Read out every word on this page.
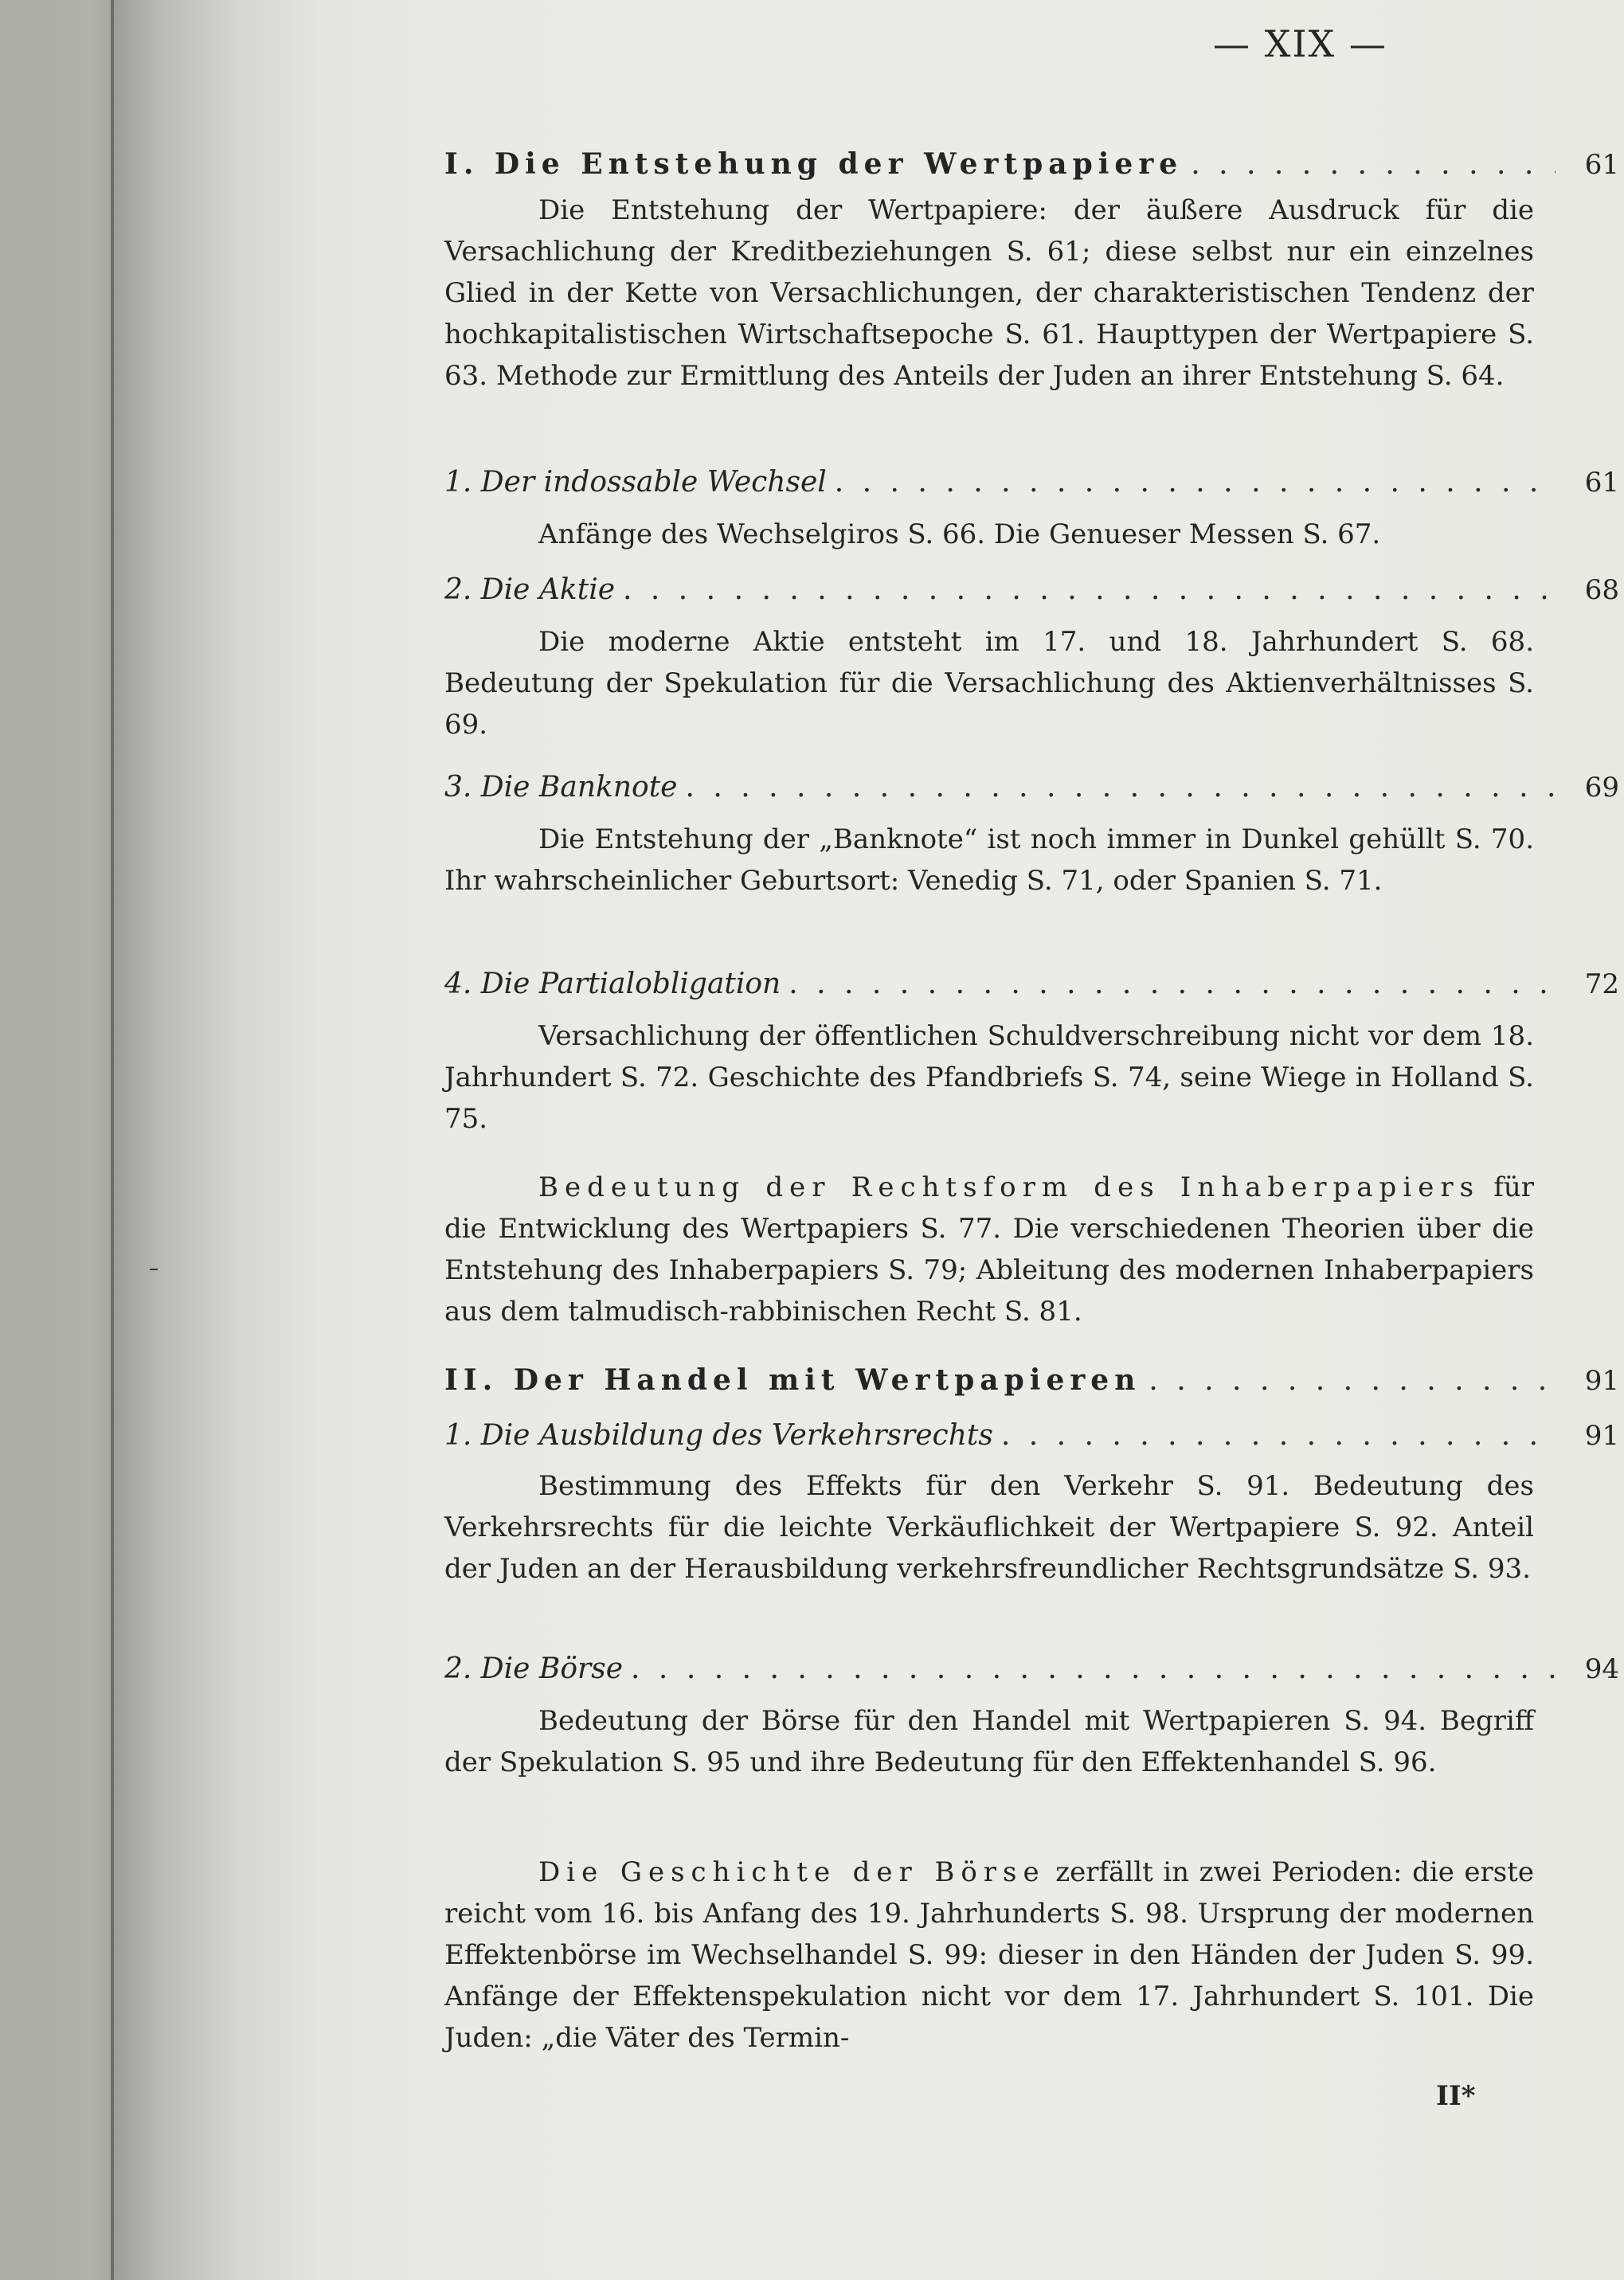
— XIX —
I. Die Entstehung der Wertpapiere . . .	61
Die Entstehung der Wertpapiere: der äußere Ausdruck für die Versachlichung der Kreditbeziehungen S. 61; diese selbst nur ein einzelnes Glied in der Kette von Versachlichungen, der charakteristischen Tendenz der hochkapitalistischen Wirtschaftsepoche S. 61. Haupttypen der Wertpapiere S. 63. Methode zur Ermittlung des Anteils der Juden an ihrer Entstehung S. 64.
1. Der indossable Wechsel . . .	61
Anfänge des Wechselgiros S. 66. Die Genueser Messen S. 67.
2. Die Aktie . . .	68
Die moderne Aktie entsteht im 17. und 18. Jahrhundert S. 68. Bedeutung der Spekulation für die Versachlichung des Aktienverhältnisses S. 69.
3. Die Banknote . . .	69
Die Entstehung der „Banknote“ ist noch immer in Dunkel gehüllt S. 70. Ihr wahrscheinlicher Geburtsort: Venedig S. 71, oder Spanien S. 71.
4. Die Partialobligation . . .	72
Versachlichung der öffentlichen Schuldverschreibung nicht vor dem 18. Jahrhundert S. 72. Geschichte des Pfandbriefs S. 74, seine Wiege in Holland S. 75.
Bedeutung der Rechtsform des Inhaberpapiers für die Entwicklung des Wertpapiers S. 77. Die verschiedenen Theorien über die Entstehung des Inhaberpapiers S. 79; Ableitung des modernen Inhaberpapiers aus dem talmudisch-rabbinischen Recht S. 81.
II. Der Handel mit Wertpapieren . . .	91
1. Die Ausbildung des Verkehrsrechts . . .	91
Bestimmung des Effekts für den Verkehr S. 91. Bedeutung des Verkehrsrechts für die leichte Verkäuflichkeit der Wertpapiere S. 92. Anteil der Juden an der Herausbildung verkehrsfreundlicher Rechtsgrundsätze S. 93.
2. Die Börse . . .	94
Bedeutung der Börse für den Handel mit Wertpapieren S. 94. Begriff der Spekulation S. 95 und ihre Bedeutung für den Effektenhandel S. 96.
Die Geschichte der Börse zerfällt in zwei Perioden: die erste reicht vom 16. bis Anfang des 19. Jahrhunderts S. 98. Ursprung der modernen Effektenbörse im Wechselhandel S. 99: dieser in den Händen der Juden S. 99. Anfänge der Effektenspekulation nicht vor dem 17. Jahrhundert S. 101. Die Juden: „die Väter des Termin-
II*
